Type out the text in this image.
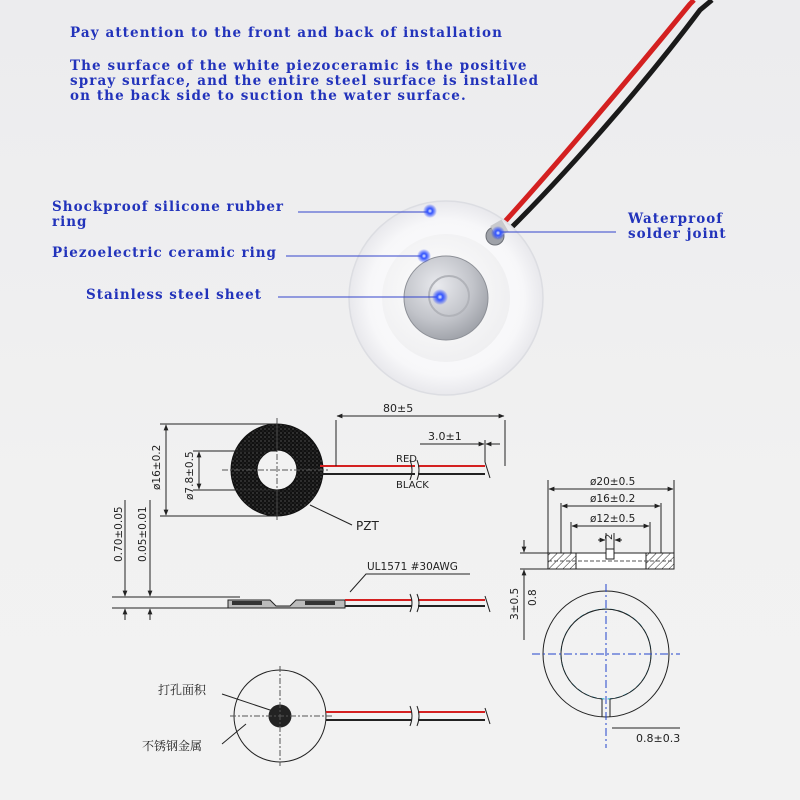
Pay attention to the front and back of installation
The surface of the white piezoceramic is the positive
spray surface, and the entire steel surface is installed
on the back side to suction the water surface.
Shockproof silicone rubber
ring
Piezoelectric ceramic ring
Stainless steel sheet
Waterproof
solder joint
80±5
3.0±1
RED
BLACK
PZT
ø16±0.2 ø7.8±0.5
0.70±0.05 0.05±0.01
UL1571 #30AWG
打孔面积
不锈钢金属
ø20±0.5
ø16±0.2
ø12±0.5
2
3±0.5 0.8
0.8±0.3
